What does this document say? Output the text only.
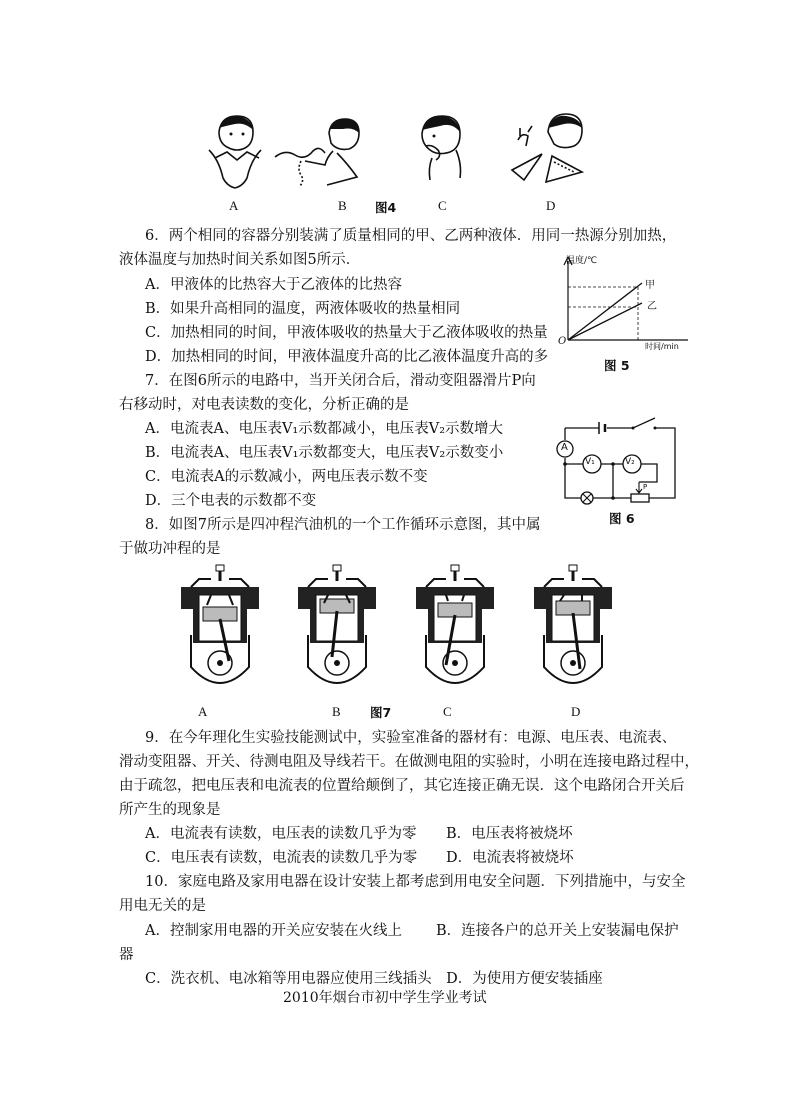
A	B 图4	C	D
6．两个相同的容器分别装满了质量相同的甲、乙两种液体．用同一热源分别加热，
液体温度与加热时间关系如图5所示．
A．甲液体的比热容大于乙液体的比热容
B．如果升高相同的温度，两液体吸收的热量相同
C．加热相同的时间，甲液体吸收的热量大于乙液体吸收的热量
D．加热相同的时间，甲液体温度升高的比乙液体温度升高的多
温度/℃
甲
乙
O	时间/min
图 5
7．在图6所示的电路中，当开关闭合后，滑动变阻器滑片P向
右移动时，对电表读数的变化，分析正确的是
A．电流表A、电压表V₁示数都减小，电压表V₂示数增大
B．电流表A、电压表V₁示数都变大，电压表V₂示数变小
C．电流表A的示数减小，两电压表示数不变
D．三个电表的示数都不变
A
V₁	V₂
P
图 6
8．如图7所示是四冲程汽油机的一个工作循环示意图，其中属
于做功冲程的是
A	B 图7	C	D
9．在今年理化生实验技能测试中，实验室准备的器材有：电源、电压表、电流表、
滑动变阻器、开关、待测电阻及导线若干。在做测电阻的实验时，小明在连接电路过程中，
由于疏忽，把电压表和电流表的位置给颠倒了，其它连接正确无误．这个电路闭合开关后
所产生的现象是
A．电流表有读数，电压表的读数几乎为零 B．电压表将被烧坏
C．电压表有读数，电流表的读数几乎为零 D．电流表将被烧坏
10．家庭电路及家用电器在设计安装上都考虑到用电安全问题．下列措施中，与安全
用电无关的是
A．控制家用电器的开关应安装在火线上 B．连接各户的总开关上安装漏电保护
器
C．洗衣机、电冰箱等用电器应使用三线插头　D．为使用方便安装插座
2010年烟台市初中学生学业考试
